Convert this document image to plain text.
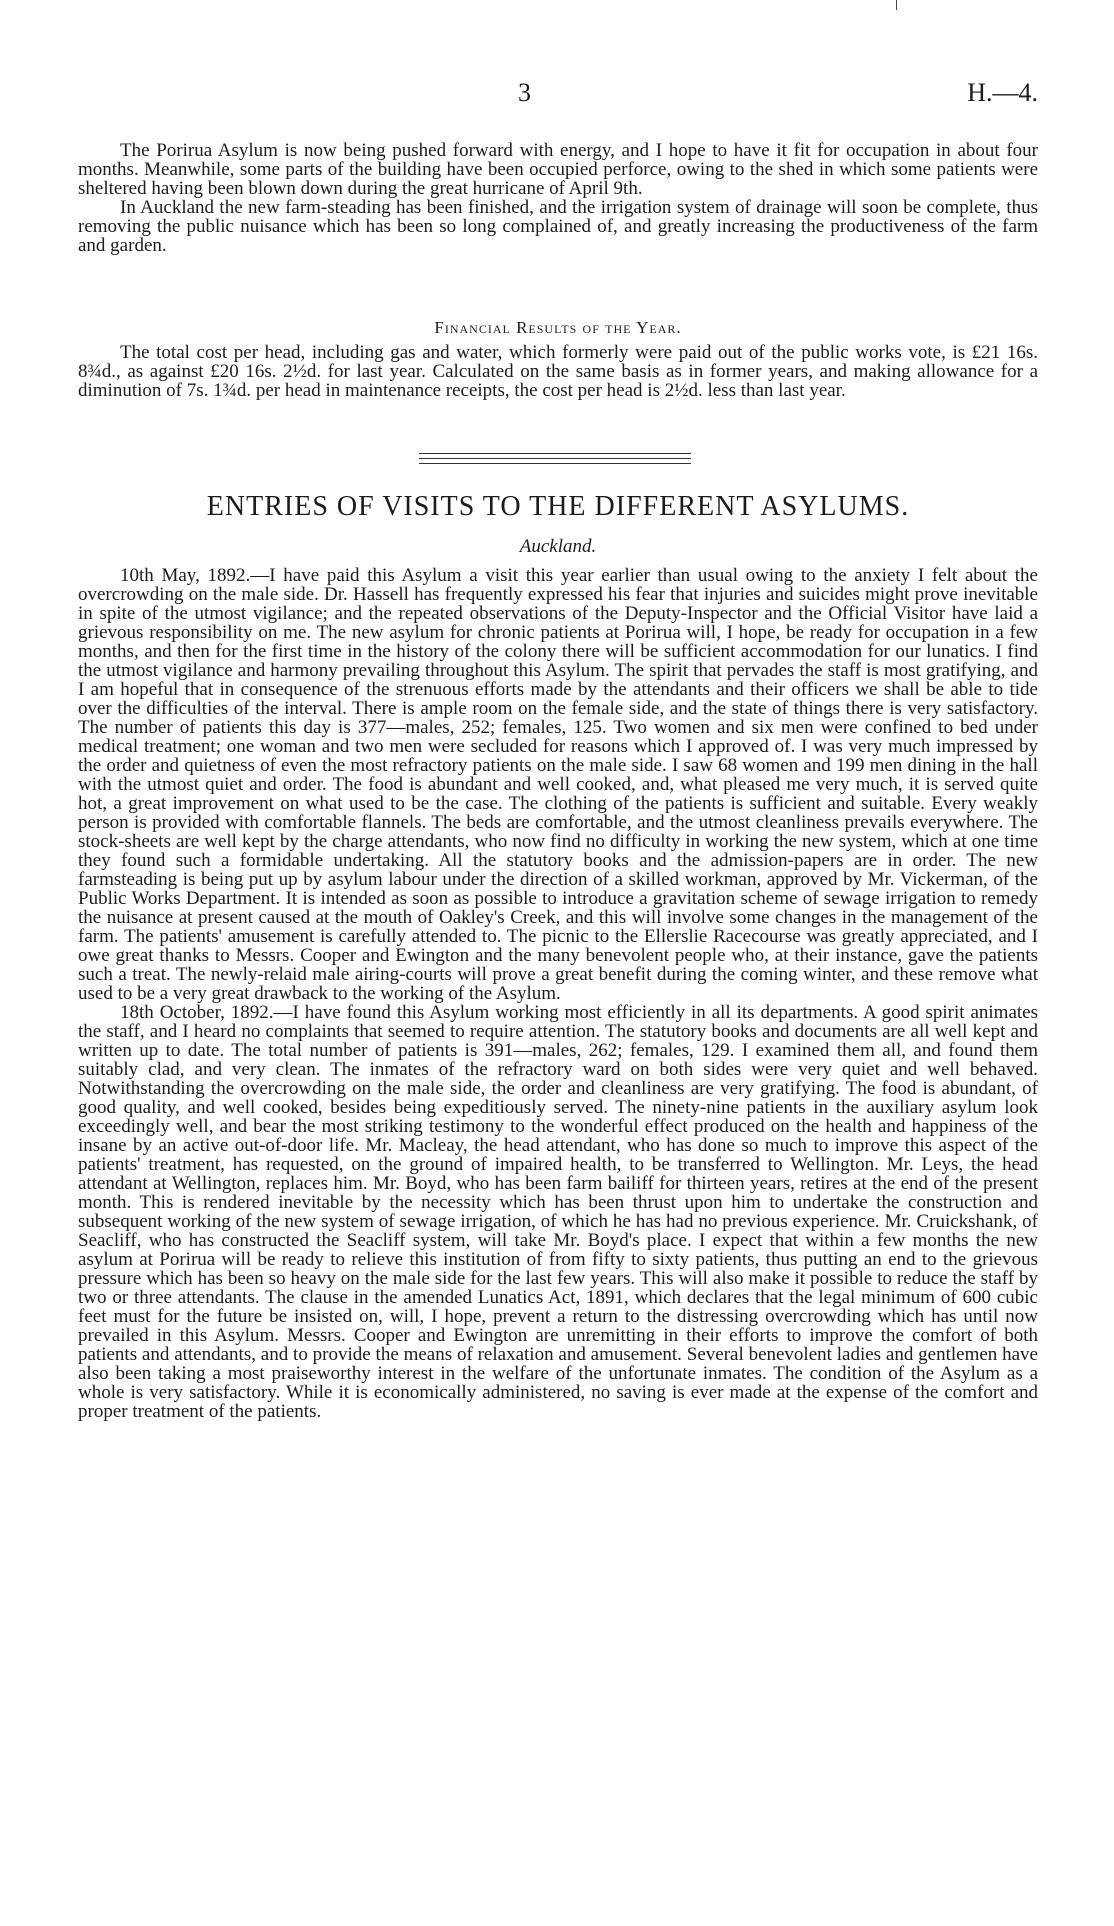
3	H.—4.

The Porirua Asylum is now being pushed forward with energy, and I hope to have it fit for occupation in about four months. Meanwhile, some parts of the building have been occupied perforce, owing to the shed in which some patients were sheltered having been blown down during the great hurricane of April 9th.

In Auckland the new farm-steading has been finished, and the irrigation system of drainage will soon be complete, thus removing the public nuisance which has been so long complained of, and greatly increasing the productiveness of the farm and garden.

Financial Results of the Year.

The total cost per head, including gas and water, which formerly were paid out of the public works vote, is £21 16s. 8¾d., as against £20 16s. 2½d. for last year. Calculated on the same basis as in former years, and making allowance for a diminution of 7s. 1¾d. per head in maintenance receipts, the cost per head is 2½d. less than last year.

ENTRIES OF VISITS TO THE DIFFERENT ASYLUMS.
Auckland.

10th May, 1892.—I have paid this Asylum a visit this year earlier than usual owing to the anxiety I felt about the overcrowding on the male side. Dr. Hassell has frequently expressed his fear that injuries and suicides might prove inevitable in spite of the utmost vigilance; and the repeated observations of the Deputy-Inspector and the Official Visitor have laid a grievous responsibility on me. The new asylum for chronic patients at Porirua will, I hope, be ready for occupation in a few months, and then for the first time in the history of the colony there will be sufficient accommodation for our lunatics. I find the utmost vigilance and harmony prevailing throughout this Asylum. The spirit that pervades the staff is most gratifying, and I am hopeful that in consequence of the strenuous efforts made by the attendants and their officers we shall be able to tide over the difficulties of the interval. There is ample room on the female side, and the state of things there is very satisfactory. The number of patients this day is 377—males, 252; females, 125. Two women and six men were confined to bed under medical treatment; one woman and two men were secluded for reasons which I approved of. I was very much impressed by the order and quietness of even the most refractory patients on the male side. I saw 68 women and 199 men dining in the hall with the utmost quiet and order. The food is abundant and well cooked, and, what pleased me very much, it is served quite hot, a great improvement on what used to be the case. The clothing of the patients is sufficient and suitable. Every weakly person is provided with comfortable flannels. The beds are comfortable, and the utmost cleanliness prevails everywhere. The stock-sheets are well kept by the charge attendants, who now find no difficulty in working the new system, which at one time they found such a formidable undertaking. All the statutory books and the admission-papers are in order. The new farmsteading is being put up by asylum labour under the direction of a skilled workman, approved by Mr. Vickerman, of the Public Works Department. It is intended as soon as possible to introduce a gravitation scheme of sewage irrigation to remedy the nuisance at present caused at the mouth of Oakley's Creek, and this will involve some changes in the management of the farm. The patients' amusement is carefully attended to. The picnic to the Ellerslie Racecourse was greatly appreciated, and I owe great thanks to Messrs. Cooper and Ewington and the many benevolent people who, at their instance, gave the patients such a treat. The newly-relaid male airing-courts will prove a great benefit during the coming winter, and these remove what used to be a very great drawback to the working of the Asylum.

18th October, 1892.—I have found this Asylum working most efficiently in all its departments. A good spirit animates the staff, and I heard no complaints that seemed to require attention. The statutory books and documents are all well kept and written up to date. The total number of patients is 391—males, 262; females, 129. I examined them all, and found them suitably clad, and very clean. The inmates of the refractory ward on both sides were very quiet and well behaved. Notwithstanding the overcrowding on the male side, the order and cleanliness are very gratifying. The food is abundant, of good quality, and well cooked, besides being expeditiously served. The ninety-nine patients in the auxiliary asylum look exceedingly well, and bear the most striking testimony to the wonderful effect produced on the health and happiness of the insane by an active out-of-door life. Mr. Macleay, the head attendant, who has done so much to improve this aspect of the patients' treatment, has requested, on the ground of impaired health, to be transferred to Wellington. Mr. Leys, the head attendant at Wellington, replaces him. Mr. Boyd, who has been farm bailiff for thirteen years, retires at the end of the present month. This is rendered inevitable by the necessity which has been thrust upon him to undertake the construction and subsequent working of the new system of sewage irrigation, of which he has had no previous experience. Mr. Cruickshank, of Seacliff, who has constructed the Seacliff system, will take Mr. Boyd's place. I expect that within a few months the new asylum at Porirua will be ready to relieve this institution of from fifty to sixty patients, thus putting an end to the grievous pressure which has been so heavy on the male side for the last few years. This will also make it possible to reduce the staff by two or three attendants. The clause in the amended Lunatics Act, 1891, which declares that the legal minimum of 600 cubic feet must for the future be insisted on, will, I hope, prevent a return to the distressing overcrowding which has until now prevailed in this Asylum. Messrs. Cooper and Ewington are unremitting in their efforts to improve the comfort of both patients and attendants, and to provide the means of relaxation and amusement. Several benevolent ladies and gentlemen have also been taking a most praiseworthy interest in the welfare of the unfortunate inmates. The condition of the Asylum as a whole is very satisfactory. While it is economically administered, no saving is ever made at the expense of the comfort and proper treatment of the patients.
